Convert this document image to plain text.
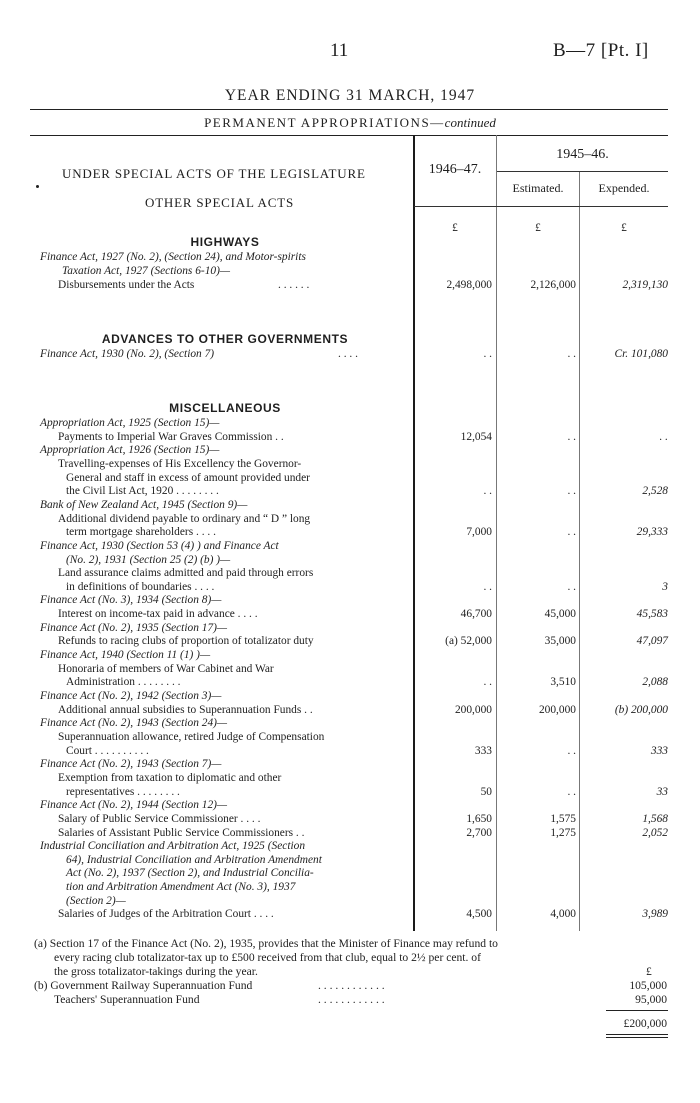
11	B—7 [Pt. I]
YEAR ENDING 31 MARCH, 1947
PERMANENT APPROPRIATIONS—continued
UNDER SPECIAL ACTS OF THE LEGISLATURE
OTHER SPECIAL ACTS
1946–47.
1945–46.
Estimated.	Expended.
£	£	£
HIGHWAYS
Finance Act, 1927 (No. 2), (Section 24), and Motor-spirits
Taxation Act, 1927 (Sections 6-10)—
Disbursements under the Acts	. . . . . .	2,498,000	2,126,000	2,319,130
ADVANCES TO OTHER GOVERNMENTS
Finance Act, 1930 (No. 2), (Section 7)	. . . .	. .	. .	Cr. 101,080
MISCELLANEOUS
Appropriation Act, 1925 (Section 15)—
Payments to Imperial War Graves Commission . .	12,054	. .	. .
Appropriation Act, 1926 (Section 15)—
Travelling-expenses of His Excellency the Governor-
General and staff in excess of amount provided under
the Civil List Act, 1920 . . . . . . . .	. .	. .	2,528
Bank of New Zealand Act, 1945 (Section 9)—
Additional dividend payable to ordinary and “ D ” long
term mortgage shareholders . . . .	7,000	. .	29,333
Finance Act, 1930 (Section 53 (4) ) and Finance Act
(No. 2), 1931 (Section 25 (2) (b) )—
Land assurance claims admitted and paid through errors
in definitions of boundaries . . . .	. .	. .	3
Finance Act (No. 3), 1934 (Section 8)—
Interest on income-tax paid in advance . . . .	46,700	45,000	45,583
Finance Act (No. 2), 1935 (Section 17)—
Refunds to racing clubs of proportion of totalizator duty	(a) 52,000	35,000	47,097
Finance Act, 1940 (Section 11 (1) )—
Honoraria of members of War Cabinet and War
Administration . . . . . . . .	. .	3,510	2,088
Finance Act (No. 2), 1942 (Section 3)—
Additional annual subsidies to Superannuation Funds . .	200,000	200,000	(b) 200,000
Finance Act (No. 2), 1943 (Section 24)—
Superannuation allowance, retired Judge of Compensation
Court . . . . . . . . . .	333	. .	333
Finance Act (No. 2), 1943 (Section 7)—
Exemption from taxation to diplomatic and other
representatives . . . . . . . .	50	. .	33
Finance Act (No. 2), 1944 (Section 12)—
Salary of Public Service Commissioner . . . .	1,650	1,575	1,568
Salaries of Assistant Public Service Commissioners . .	2,700	1,275	2,052
Industrial Conciliation and Arbitration Act, 1925 (Section
64), Industrial Conciliation and Arbitration Amendment
Act (No. 2), 1937 (Section 2), and Industrial Concilia-
tion and Arbitration Amendment Act (No. 3), 1937
(Section 2)—
Salaries of Judges of the Arbitration Court . . . .	4,500	4,000	3,989
(a) Section 17 of the Finance Act (No. 2), 1935, provides that the Minister of Finance may refund to
every racing club totalizator-tax up to £500 received from that club, equal to 2½ per cent. of
the gross totalizator-takings during the year.	£
(b) Government Railway Superannuation Fund	. . . . . . . . . . . .	105,000
Teachers' Superannuation Fund	. . . . . . . . . . . .	95,000
£200,000
